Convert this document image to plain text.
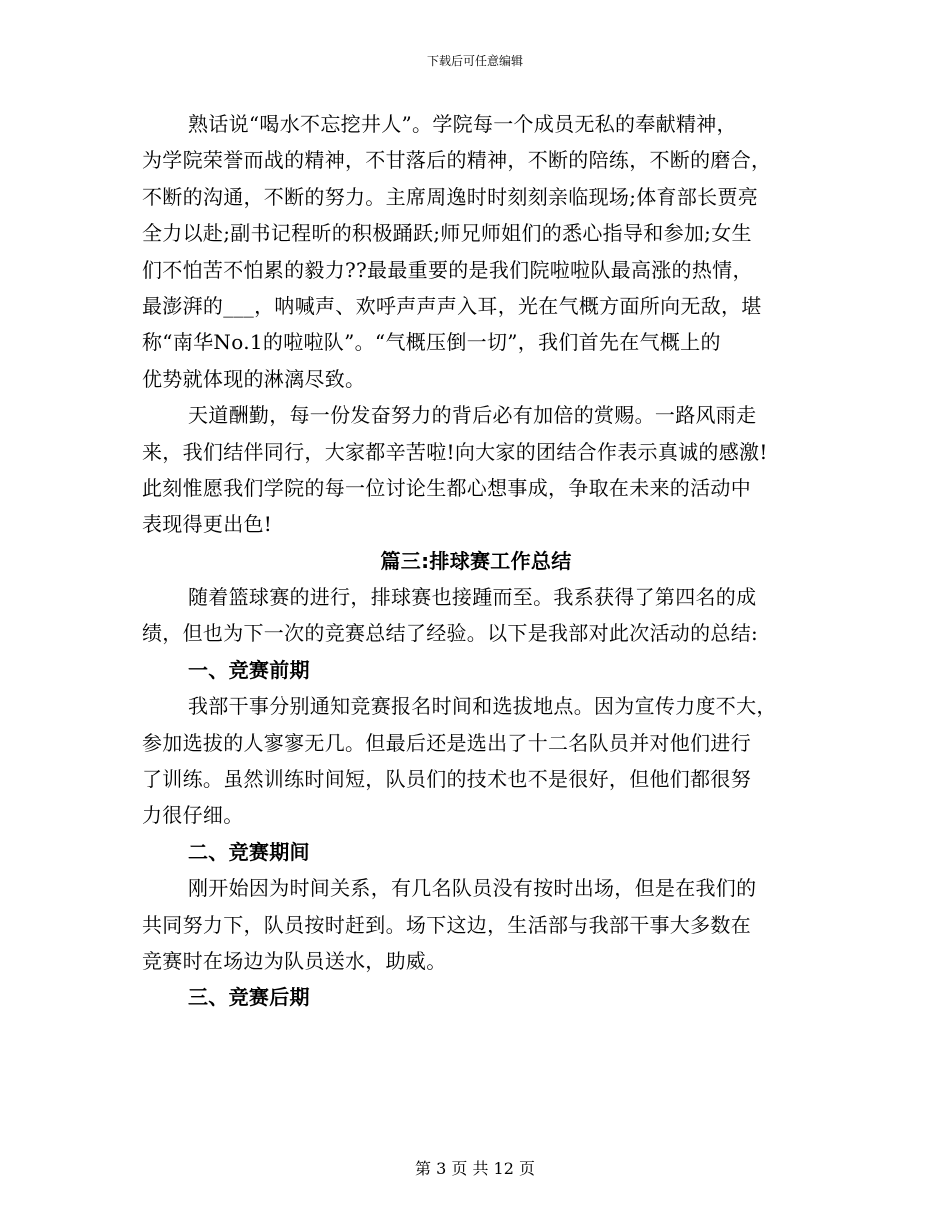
下载后可任意编辑
熟话说“喝水不忘挖井人”。学院每一个成员无私的奉献精神，
为学院荣誉而战的精神，不甘落后的精神，不断的陪练，不断的磨合，
不断的沟通，不断的努力。主席周逸时时刻刻亲临现场;体育部长贾亮
全力以赴;副书记程昕的积极踊跃;师兄师姐们的悉心指导和参加;女生
们不怕苦不怕累的毅力??最最重要的是我们院啦啦队最高涨的热情，
最澎湃的___，呐喊声、欢呼声声声入耳，光在气概方面所向无敌，堪
称“南华No.1的啦啦队”。“气概压倒一切”，我们首先在气概上的
优势就体现的淋漓尽致。
天道酬勤，每一份发奋努力的背后必有加倍的赏赐。一路风雨走
来，我们结伴同行，大家都辛苦啦!向大家的团结合作表示真诚的感激!
此刻惟愿我们学院的每一位讨论生都心想事成，争取在未来的活动中
表现得更出色!
篇三:排球赛工作总结
随着篮球赛的进行，排球赛也接踵而至。我系获得了第四名的成
绩，但也为下一次的竞赛总结了经验。以下是我部对此次活动的总结:
一、竞赛前期
我部干事分别通知竞赛报名时间和选拔地点。因为宣传力度不大，
参加选拔的人寥寥无几。但最后还是选出了十二名队员并对他们进行
了训练。虽然训练时间短，队员们的技术也不是很好，但他们都很努
力很仔细。
二、竞赛期间
刚开始因为时间关系，有几名队员没有按时出场，但是在我们的
共同努力下，队员按时赶到。场下这边，生活部与我部干事大多数在
竞赛时在场边为队员送水，助威。
三、竞赛后期
第 3 页 共 12 页
